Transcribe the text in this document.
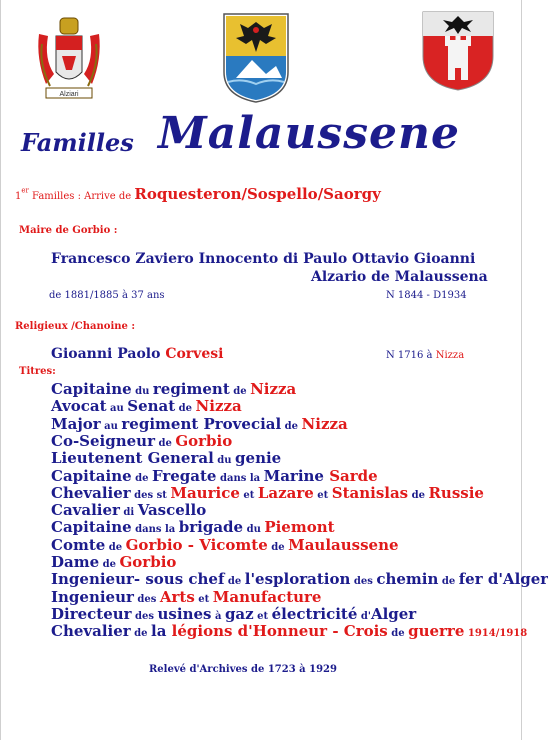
Alziari
Familles Malaussene
1er Familles : Arrive de Roquesteron/Sospello/Saorgy
Maire de Gorbio :
Francesco Zaviero Innocento di Paulo Ottavio Gioanni
Alzario de Malaussena
de 1881/1885 à 37 ans	N 1844 - D1934
Religieux /Chanoine :
Gioanni Paolo Corvesi	N 1716 à Nizza
Titres:
Capitaine du regiment de Nizza
Avocat au Senat de Nizza
Major au regiment Provecial de Nizza
Co-Seigneur de Gorbio
Lieutenent General du genie
Capitaine de Fregate dans la Marine Sarde
Chevalier des st Maurice et Lazare et Stanislas de Russie
Cavalier di Vascello
Capitaine dans la brigade du Piemont
Comte de Gorbio - Vicomte de Maulaussene
Dame de Gorbio
Ingenieur- sous chef de l'esploration des chemin de fer d'Alger
Ingenieur des Arts et Manufacture
Directeur des usines à gaz et électricité d'Alger
Chevalier de la légions d'Honneur - Crois de guerre 1914/1918
Relevé d'Archives de 1723 à 1929
